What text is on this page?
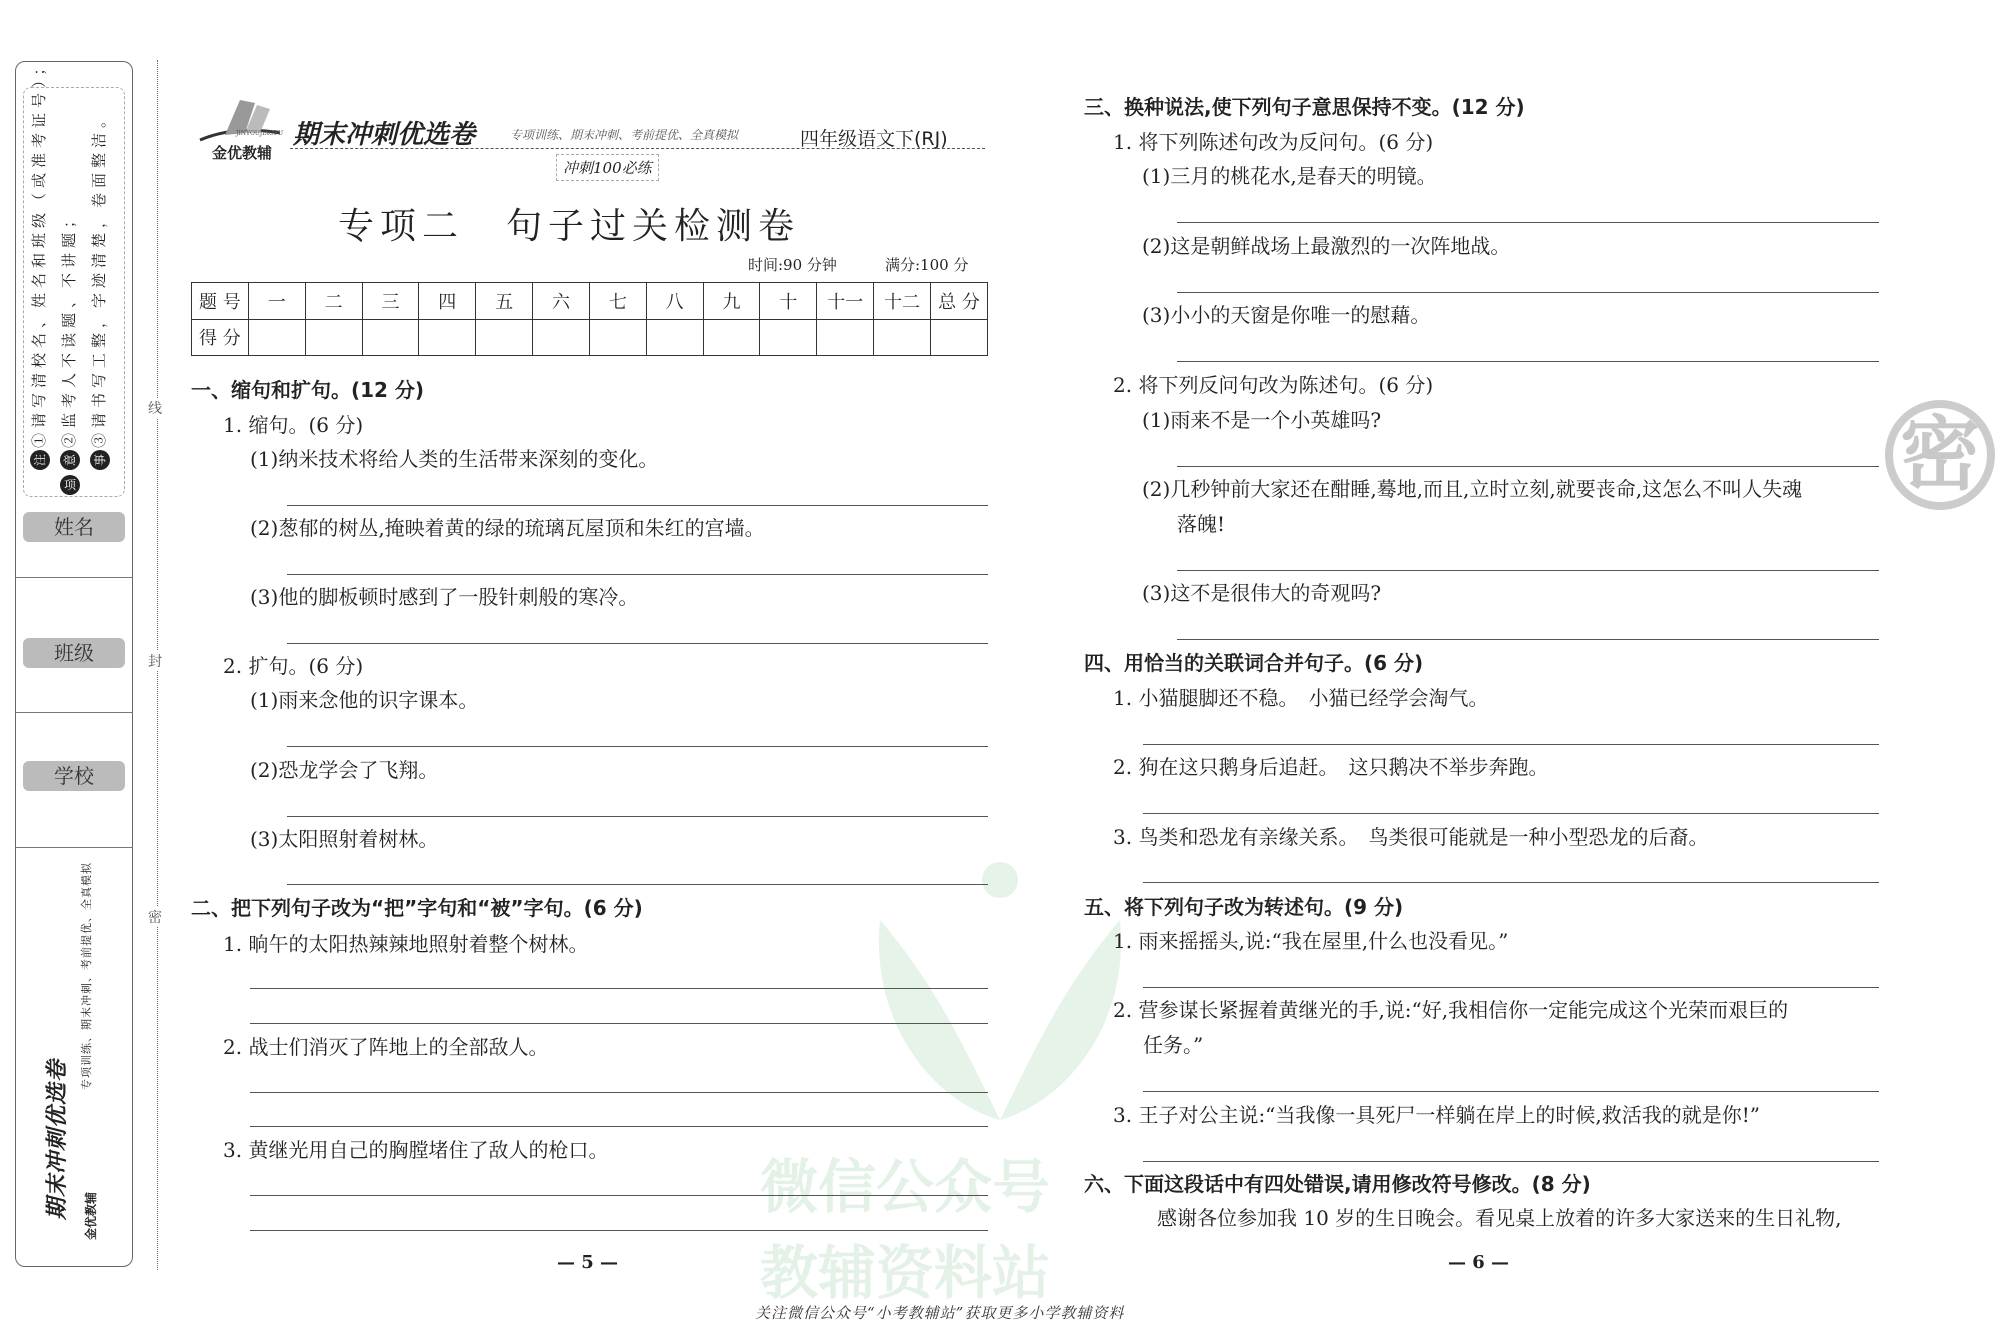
微信公众号
教辅资料站
注①请写清校名、姓名和班级（或准考证号）；
意②监考人不读题、不讲题；
事③请书写工整，字迹清楚，卷面整洁。
项
姓名
班级
学校
期末冲刺优选卷
专项训练、期末冲刺、考前提优、全真模拟
金优教辅
线
封
密
金优教辅
JINYOUJIAOFU 期末冲刺优选卷	专项训练、期末冲刺、考前提优、全真模拟	四年级语文下(RJ)
冲刺100必练
专项二　句子过关检测卷
时间:90 分钟	满分:100 分
题 号	一	二	三	四	五	六	七	八	九	十	十一	十二	总 分
得 分													
一、缩句和扩句。(12 分)
1. 缩句。(6 分)
(1)纳米技术将给人类的生活带来深刻的变化。
(2)葱郁的树丛,掩映着黄的绿的琉璃瓦屋顶和朱红的宫墙。
(3)他的脚板顿时感到了一股针刺般的寒冷。
2. 扩句。(6 分)
(1)雨来念他的识字课本。
(2)恐龙学会了飞翔。
(3)太阳照射着树林。
二、把下列句子改为“把”字句和“被”字句。(6 分)
1. 晌午的太阳热辣辣地照射着整个树林。
2. 战士们消灭了阵地上的全部敌人。
3. 黄继光用自己的胸膛堵住了敌人的枪口。
— 5 —
密
三、换种说法,使下列句子意思保持不变。(12 分)
1. 将下列陈述句改为反问句。(6 分)
(1)三月的桃花水,是春天的明镜。
(2)这是朝鲜战场上最激烈的一次阵地战。
(3)小小的天窗是你唯一的慰藉。
2. 将下列反问句改为陈述句。(6 分)
(1)雨来不是一个小英雄吗?
(2)几秒钟前大家还在酣睡,蓦地,而且,立时立刻,就要丧命,这怎么不叫人失魂
落魄!
(3)这不是很伟大的奇观吗?
四、用恰当的关联词合并句子。(6 分)
1. 小猫腿脚还不稳。　小猫已经学会淘气。
2. 狗在这只鹅身后追赶。　这只鹅决不举步奔跑。
3. 鸟类和恐龙有亲缘关系。　鸟类很可能就是一种小型恐龙的后裔。
五、将下列句子改为转述句。(9 分)
1. 雨来摇摇头,说:“我在屋里,什么也没看见。”
2. 营参谋长紧握着黄继光的手,说:“好,我相信你一定能完成这个光荣而艰巨的
任务。”
3. 王子对公主说:“当我像一具死尸一样躺在岸上的时候,救活我的就是你!”
六、下面这段话中有四处错误,请用修改符号修改。(8 分)
感谢各位参加我 10 岁的生日晚会。看见桌上放着的许多大家送来的生日礼物,
— 6 —
关注微信公众号“小考教辅站”获取更多小学教辅资料
